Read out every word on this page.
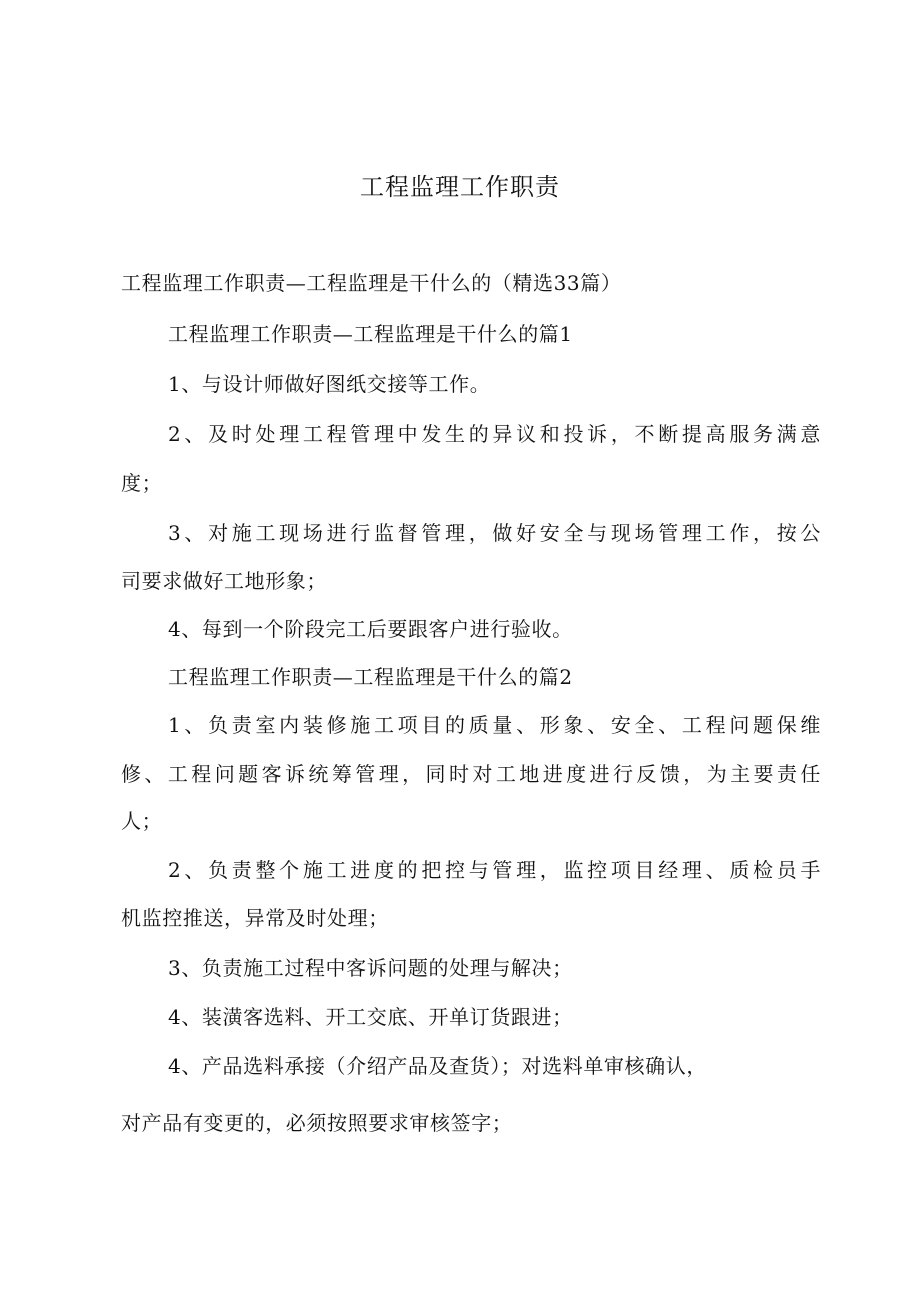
工程监理工作职责
工程监理工作职责—工程监理是干什么的（精选33篇）
工程监理工作职责—工程监理是干什么的篇1
1、与设计师做好图纸交接等工作。
2、及时处理工程管理中发生的异议和投诉，不断提高服务满意
度；
3、对施工现场进行监督管理，做好安全与现场管理工作，按公
司要求做好工地形象；
4、每到一个阶段完工后要跟客户进行验收。
工程监理工作职责—工程监理是干什么的篇2
1、负责室内装修施工项目的质量、形象、安全、工程问题保维
修、工程问题客诉统筹管理，同时对工地进度进行反馈，为主要责任
人；
2、负责整个施工进度的把控与管理，监控项目经理、质检员手
机监控推送，异常及时处理；
3、负责施工过程中客诉问题的处理与解决；
4、装潢客选料、开工交底、开单订货跟进；
4、产品选料承接（介绍产品及查货）；对选料单审核确认，
对产品有变更的，必须按照要求审核签字；
